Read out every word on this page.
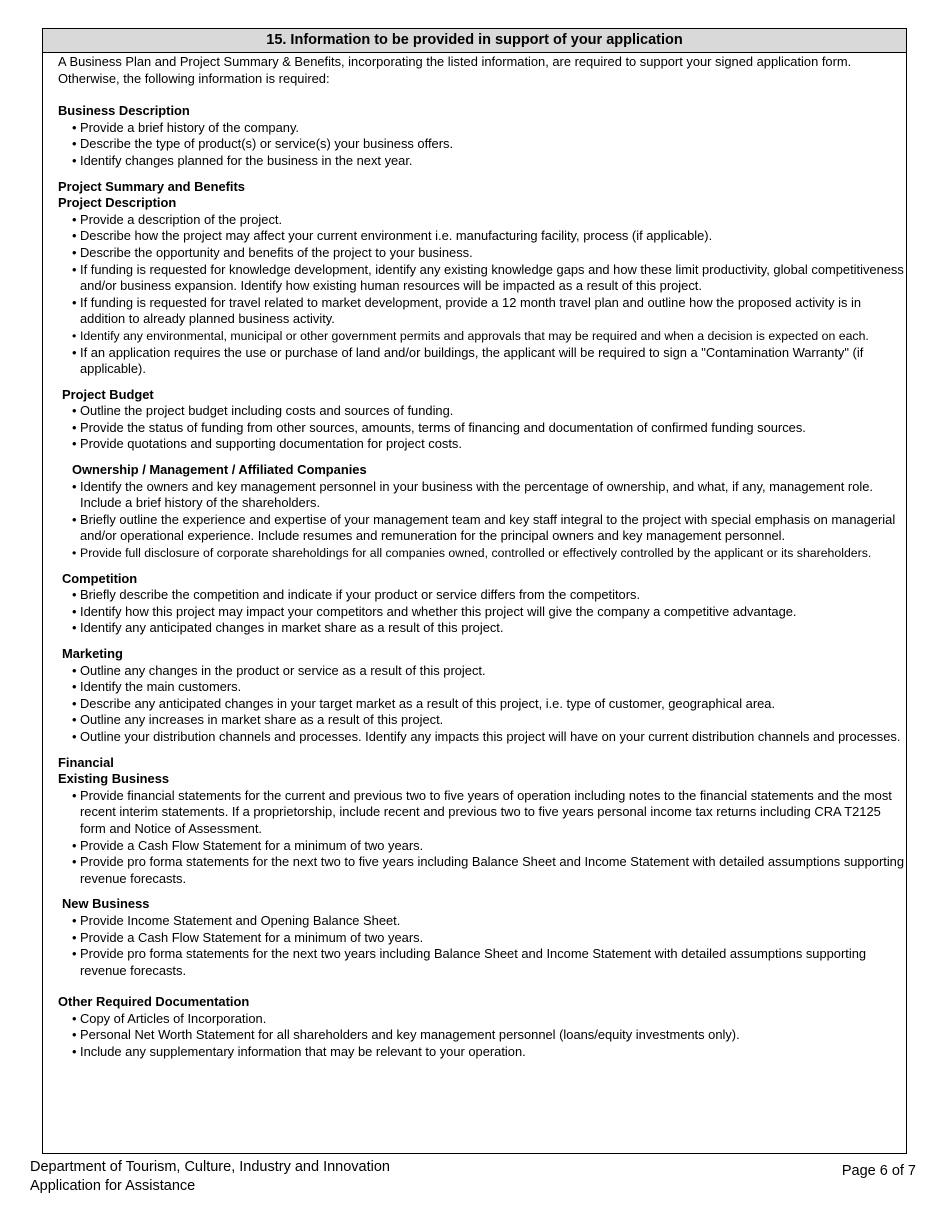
15. Information to be provided in support of your application

A Business Plan and Project Summary & Benefits, incorporating the listed information, are required to support your signed application form. Otherwise, the following information is required:

Business Description
• Provide a brief history of the company.
• Describe the type of product(s) or service(s) your business offers.
• Identify changes planned for the business in the next year.
Project Summary and Benefits
Project Description
• Provide a description of the project.
• Describe how the project may affect your current environment i.e. manufacturing facility, process (if applicable).
• Describe the opportunity and benefits of the project to your business.
• If funding is requested for knowledge development, identify any existing knowledge gaps and how these limit productivity, global competitiveness and/or business expansion. Identify how existing human resources will be impacted as a result of this project.
• If funding is requested for travel related to market development, provide a 12 month travel plan and outline how the proposed activity is in addition to already planned business activity.
• Identify any environmental, municipal or other government permits and approvals that may be required and when a decision is expected on each.
• If an application requires the use or purchase of land and/or buildings, the applicant will be required to sign a "Contamination Warranty" (if applicable).
Project Budget
• Outline the project budget including costs and sources of funding.
• Provide the status of funding from other sources, amounts, terms of financing and documentation of confirmed funding sources.
• Provide quotations and supporting documentation for project costs.
Ownership / Management / Affiliated Companies
• Identify the owners and key management personnel in your business with the percentage of ownership, and what, if any, management role. Include a brief history of the shareholders.
• Briefly outline the experience and expertise of your management team and key staff integral to the project with special emphasis on managerial and/or operational experience. Include resumes and remuneration for the principal owners and key management personnel.
• Provide full disclosure of corporate shareholdings for all companies owned, controlled or effectively controlled by the applicant or its shareholders.
Competition
• Briefly describe the competition and indicate if your product or service differs from the competitors.
• Identify how this project may impact your competitors and whether this project will give the company a competitive advantage.
• Identify any anticipated changes in market share as a result of this project.
Marketing
• Outline any changes in the product or service as a result of this project.
• Identify the main customers.
• Describe any anticipated changes in your target market as a result of this project, i.e. type of customer, geographical area.
• Outline any increases in market share as a result of this project.
• Outline your distribution channels and processes. Identify any impacts this project will have on your current distribution channels and processes.
Financial
Existing Business
• Provide financial statements for the current and previous two to five years of operation including notes to the financial statements and the most recent interim statements. If a proprietorship, include recent and previous two to five years personal income tax returns including CRA T2125 form and Notice of Assessment.
• Provide a Cash Flow Statement for a minimum of two years.
• Provide pro forma statements for the next two to five years including Balance Sheet and Income Statement with detailed assumptions supporting revenue forecasts.
New Business
• Provide Income Statement and Opening Balance Sheet.
• Provide a Cash Flow Statement for a minimum of two years.
• Provide pro forma statements for the next two years including Balance Sheet and Income Statement with detailed assumptions supporting revenue forecasts.
Other Required Documentation
• Copy of Articles of Incorporation.
• Personal Net Worth Statement for all shareholders and key management personnel (loans/equity investments only).
• Include any supplementary information that may be relevant to your operation.
Department of Tourism, Culture, Industry and Innovation
Application for Assistance
Page 6 of 7
